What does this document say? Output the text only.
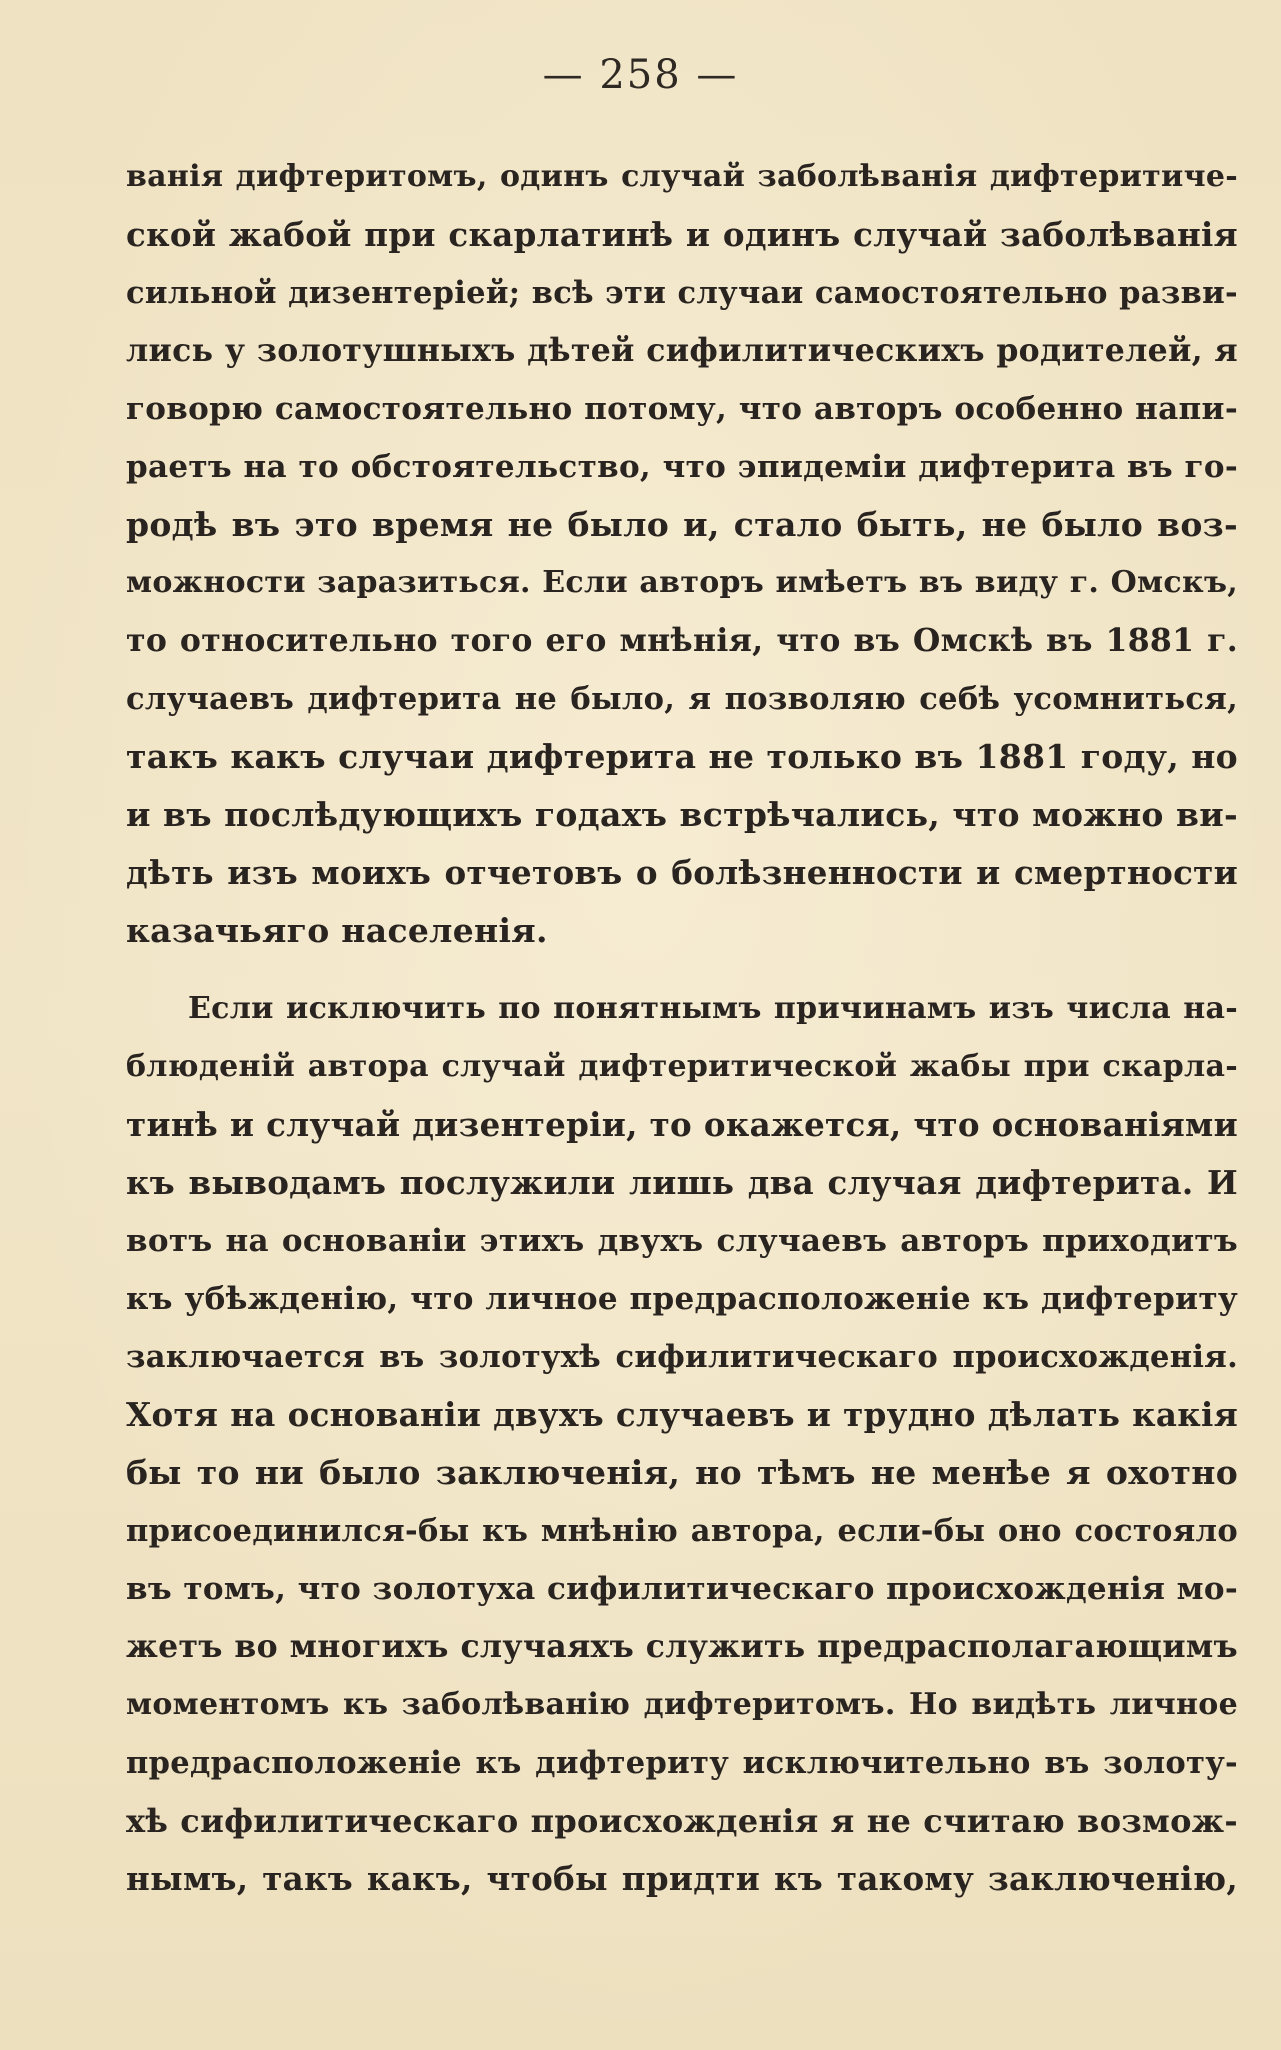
— 258 —
ванія дифтеритомъ, одинъ случай заболѣванія дифтеритиче-
ской жабой при скарлатинѣ и одинъ случай заболѣванія
сильной дизентеріей; всѣ эти случаи самостоятельно разви-
лись у золотушныхъ дѣтей сифилитическихъ родителей, я
говорю самостоятельно потому, что авторъ особенно напи-
раетъ на то обстоятельство, что эпидеміи дифтерита въ го-
родѣ въ это время не было и, стало быть, не было воз-
можности заразиться. Если авторъ имѣетъ въ виду г. Омскъ,
то относительно того его мнѣнія, что въ Омскѣ въ 1881 г.
случаевъ дифтерита не было, я позволяю себѣ усомниться,
такъ какъ случаи дифтерита не только въ 1881 году, но
и въ послѣдующихъ годахъ встрѣчались, что можно ви-
дѣть изъ моихъ отчетовъ о болѣзненности и смертности
казачьяго населенія.
Если исключить по понятнымъ причинамъ изъ числа на-
блюденій автора случай дифтеритической жабы при скарла-
тинѣ и случай дизентеріи, то окажется, что основаніями
къ выводамъ послужили лишь два случая дифтерита. И
вотъ на основаніи этихъ двухъ случаевъ авторъ приходитъ
къ убѣжденію, что личное предрасположеніе къ дифтериту
заключается въ золотухѣ сифилитическаго происхожденія.
Хотя на основаніи двухъ случаевъ и трудно дѣлать какія
бы то ни было заключенія, но тѣмъ не менѣе я охотно
присоединился-бы къ мнѣнію автора, если-бы оно состояло
въ томъ, что золотуха сифилитическаго происхожденія мо-
жетъ во многихъ случаяхъ служить предрасполагающимъ
моментомъ къ заболѣванію дифтеритомъ. Но видѣть личное
предрасположеніе къ дифтериту исключительно въ золоту-
хѣ сифилитическаго происхожденія я не считаю возмож-
нымъ, такъ какъ, чтобы придти къ такому заключенію,
